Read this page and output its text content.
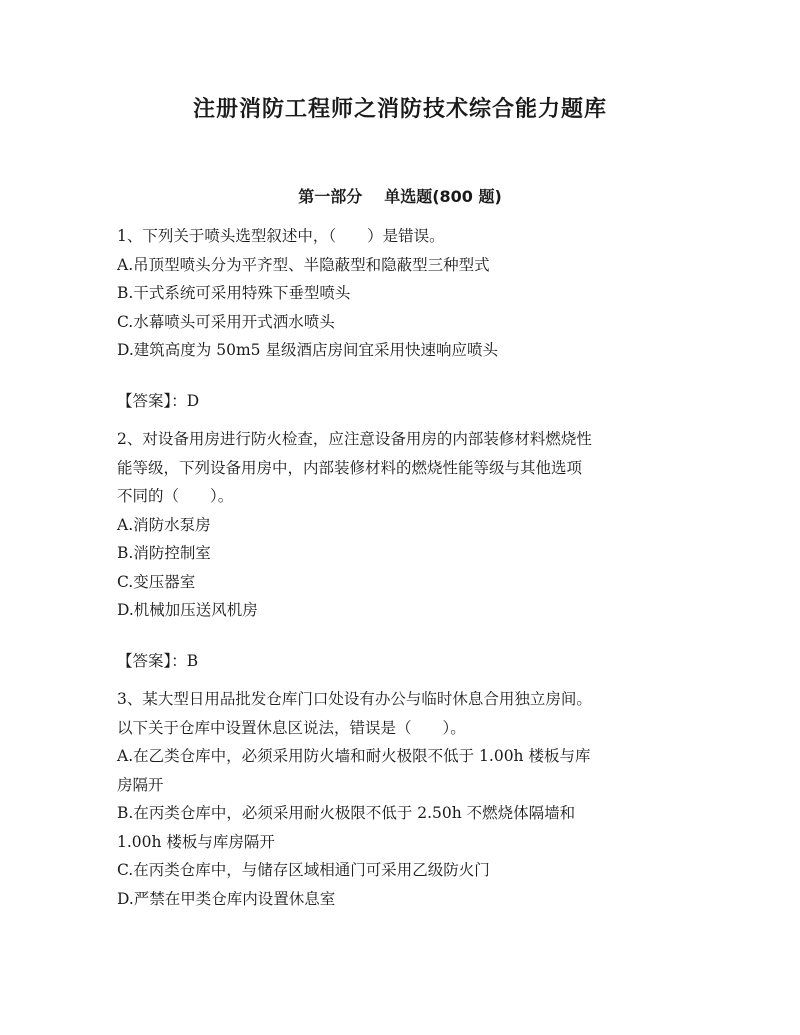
注册消防工程师之消防技术综合能力题库
第一部分 单选题(800 题)

1、下列关于喷头选型叙述中，（　　）是错误。

A.吊顶型喷头分为平齐型、半隐蔽型和隐蔽型三种型式

B.干式系统可采用特殊下垂型喷头

C.水幕喷头可采用开式洒水喷头

D.建筑高度为 50m5 星级酒店房间宜采用快速响应喷头

【答案】：D

2、对设备用房进行防火检查，应注意设备用房的内部装修材料燃烧性

能等级，下列设备用房中，内部装修材料的燃烧性能等级与其他选项

不同的（　　）。

A.消防水泵房

B.消防控制室

C.变压器室

D.机械加压送风机房

【答案】：B

3、某大型日用品批发仓库门口处设有办公与临时休息合用独立房间。

以下关于仓库中设置休息区说法，错误是（　　）。

A.在乙类仓库中，必须采用防火墙和耐火极限不低于 1.00h 楼板与库

房隔开

B.在丙类仓库中，必须采用耐火极限不低于 2.50h 不燃烧体隔墙和

1.00h 楼板与库房隔开

C.在丙类仓库中，与储存区域相通门可采用乙级防火门

D.严禁在甲类仓库内设置休息室
